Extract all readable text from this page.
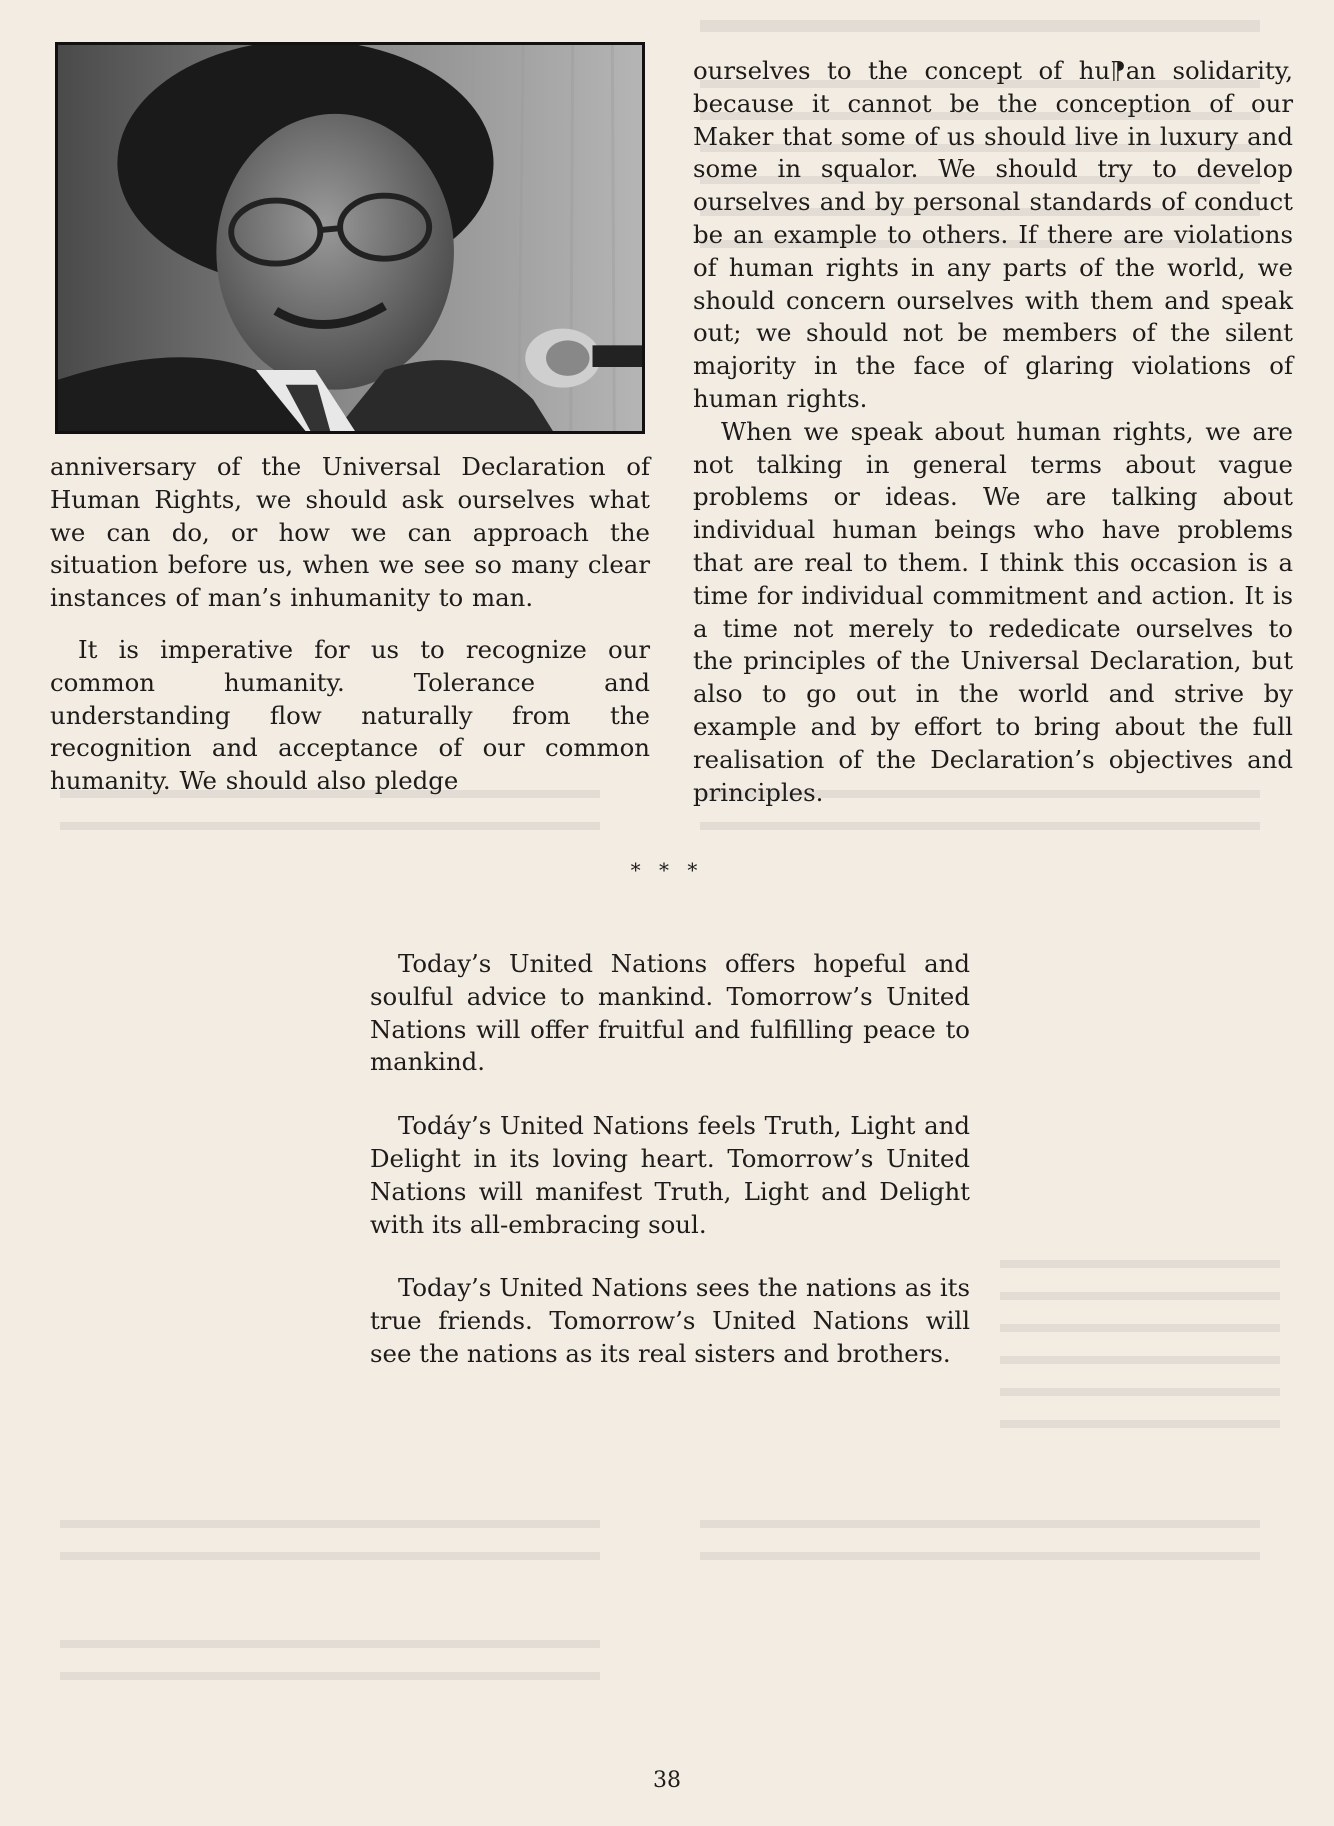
anniversary of the Universal Declaration of Human Rights, we should ask ourselves what we can do, or how we can approach the situation before us, when we see so many clear instances of man’s inhumanity to man.

It is imperative for us to recognize our common humanity. Tolerance and understanding flow naturally from the recognition and acceptance of our common humanity. We should also pledge

ourselves to the concept of hu⁋an solidarity, because it cannot be the conception of our Maker that some of us should live in luxury and some in squalor. We should try to develop ourselves and by personal standards of conduct be an example to others. If there are violations of human rights in any parts of the world, we should concern ourselves with them and speak out; we should not be members of the silent majority in the face of glaring violations of human rights.

When we speak about human rights, we are not talking in general terms about vague problems or ideas. We are talking about individual human beings who have problems that are real to them. I think this occasion is a time for individual commitment and action. It is a time not merely to rededicate ourselves to the principles of the Universal Declaration, but also to go out in the world and strive by example and by effort to bring about the full realisation of the Declaration’s objectives and principles.

* * *

Today’s United Nations offers hopeful and soulful advice to mankind. Tomorrow’s United Nations will offer fruitful and fulfilling peace to mankind.

Todáy’s United Nations feels Truth, Light and Delight in its loving heart. Tomorrow’s United Nations will manifest Truth, Light and Delight with its all-embracing soul.

Today’s United Nations sees the nations as its true friends. Tomorrow’s United Nations will see the nations as its real sisters and brothers.

38
